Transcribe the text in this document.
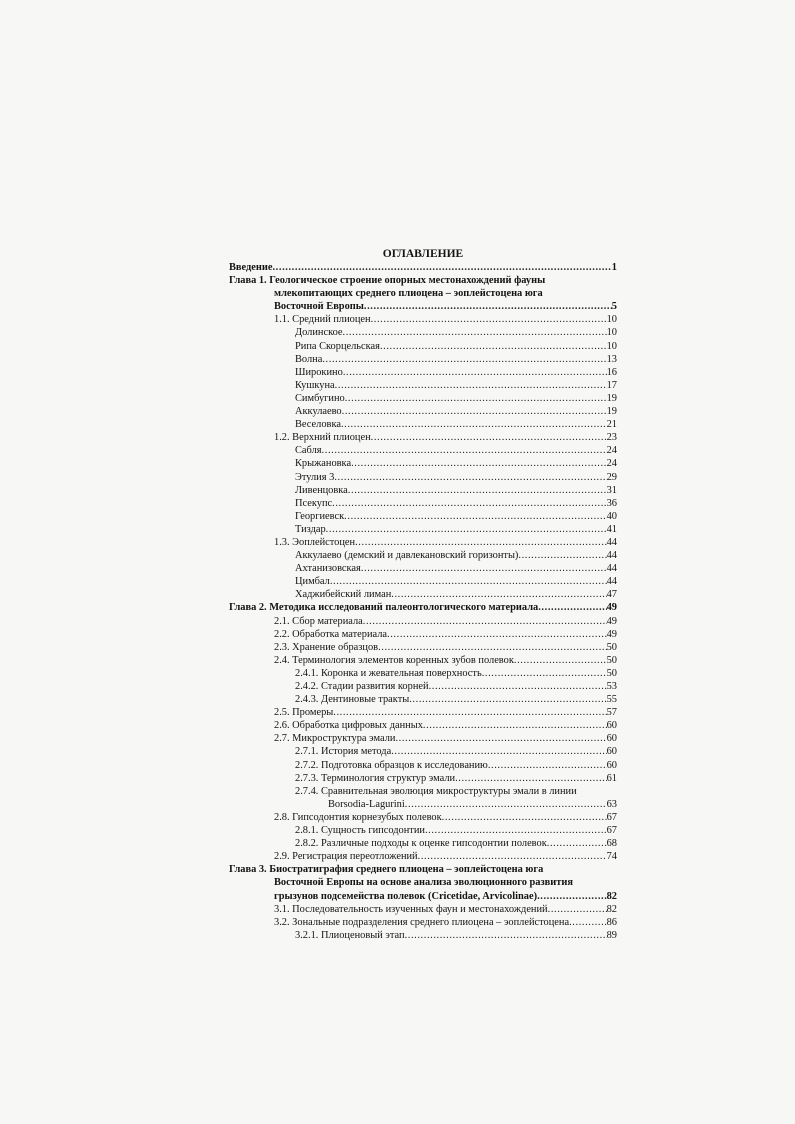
ОГЛАВЛЕНИЕ
Введение .....	1
Глава 1. Геологическое строение опорных местонахождений фауны
млекопитающих среднего плиоцена – эоплейстоцена юга
Восточной Европы .....	5
1.1. Средний плиоцен .....	10
Долинское .....	10
Рипа Скорцельская .....	10
Волна .....	13
Широкино .....	16
Кушкуна .....	17
Симбугино .....	19
Аккулаево .....	19
Веселовка .....	21
1.2. Верхний плиоцен .....	23
Сабля .....	24
Крыжановка .....	24
Этулия 3 .....	29
Ливенцовка .....	31
Псекупс .....	36
Георгиевск .....	40
Тиздар .....	41
1.3. Эоплейстоцен .....	44
Аккулаево (демский и давлекановский горизонты) .....	44
Ахтанизовская .....	44
Цимбал .....	44
Хаджибейский лиман .....	47
Глава 2. Методика исследований палеонтологического материала .....	49
2.1. Сбор материала .....	49
2.2. Обработка материала .....	49
2.3. Хранение образцов .....	50
2.4. Терминология элементов коренных зубов полевок .....	50
2.4.1. Коронка и жевательная поверхность .....	50
2.4.2. Стадии развития корней .....	53
2.4.3. Дентиновые тракты .....	55
2.5. Промеры .....	57
2.6. Обработка цифровых данных .....	60
2.7. Микроструктура эмали .....	60
2.7.1. История метода .....	60
2.7.2. Подготовка образцов к исследованию .....	60
2.7.3. Терминология структур эмали .....	61
2.7.4. Сравнительная эволюция микроструктуры эмали в линии
Borsodia-Lagurini .....	63
2.8. Гипсодонтия корнезубых полевок .....	67
2.8.1. Сущность гипсодонтии .....	67
2.8.2. Различные подходы к оценке гипсодонтии полевок .....	68
2.9. Регистрация переотложений .....	74
Глава 3. Биостратиграфия среднего плиоцена – эоплейстоцена юга
Восточной Европы на основе анализа эволюционного развития
грызунов подсемейства полевок (Cricetidae, Arvicolinae) .....	82
3.1. Последовательность изученных фаун и местонахождений .....	82
3.2. Зональные подразделения среднего плиоцена – эоплейстоцена .....	86
3.2.1. Плиоценовый этап .....	89
